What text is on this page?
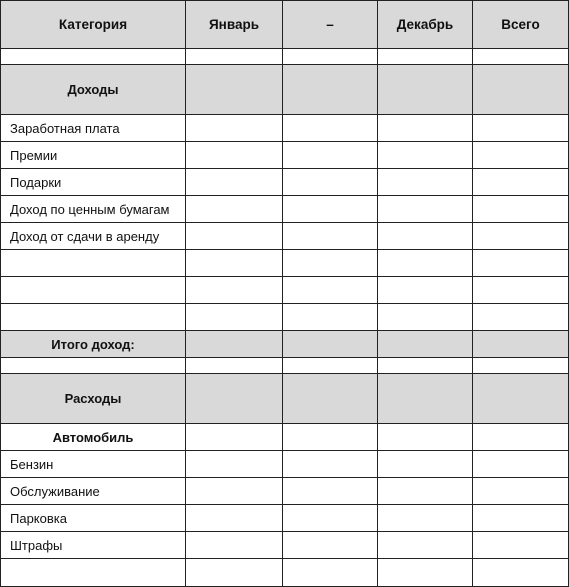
Категория	Январь	–	Декабрь	Всего

Доходы				
Заработная плата				
Премии				
Подарки				
Доход по ценным бумагам				
Доход от сдачи в аренду				

Итого доход:				

Расходы				
Автомобиль				
Бензин				
Обслуживание				
Парковка				
Штрафы				
